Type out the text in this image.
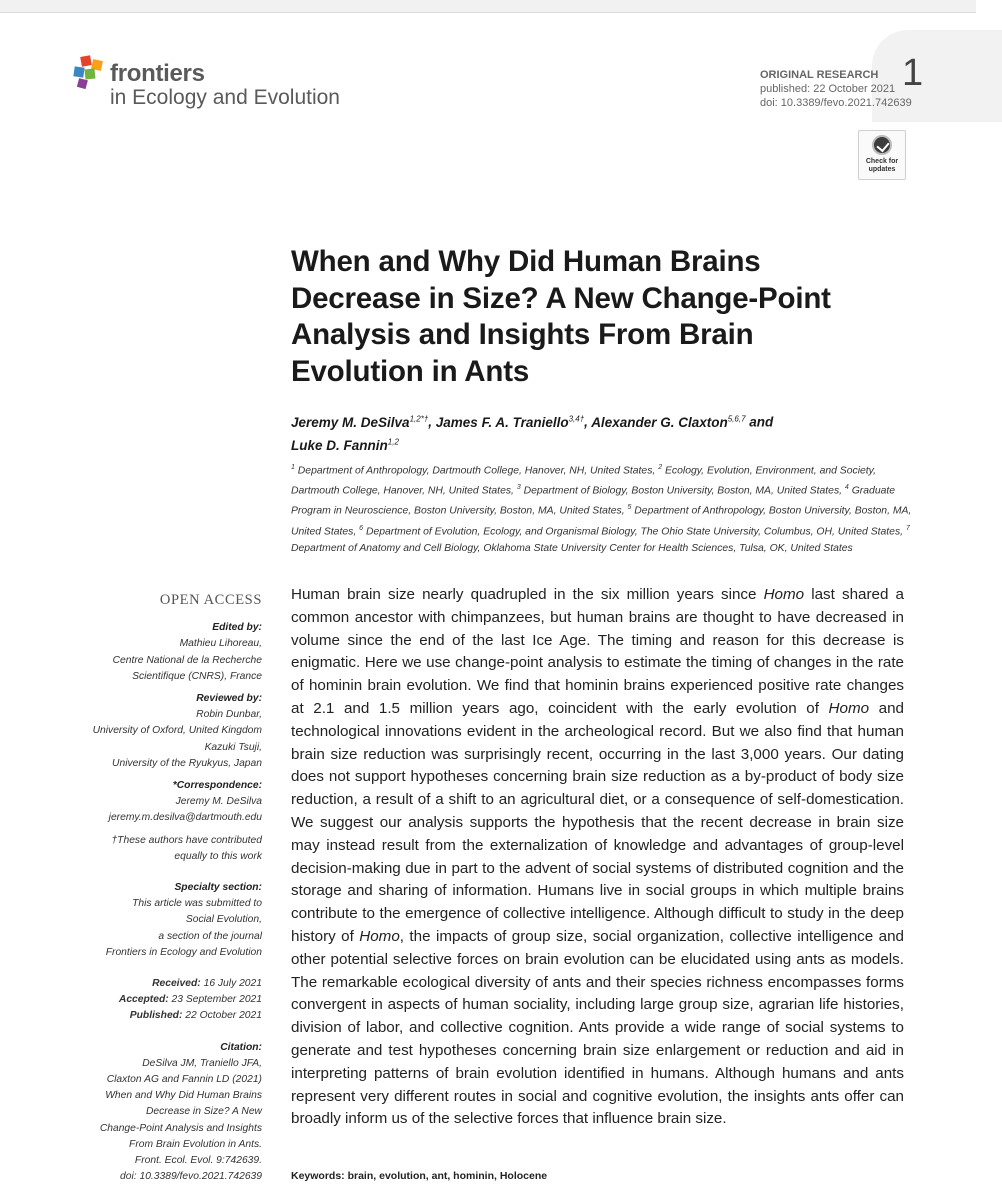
1
frontiers
in Ecology and Evolution
ORIGINAL RESEARCH
published: 22 October 2021
doi: 10.3389/fevo.2021.742639
Check for updates
When and Why Did Human Brains Decrease in Size? A New Change-Point Analysis and Insights From Brain Evolution in Ants
Jeremy M. DeSilva$^{1,2*\dagger}$, James F. A. Traniello$^{3,4\dagger}$, Alexander G. Claxton$^{5,6,7}$ and
Luke D. Fannin$^{1,2}$
$^1$ Department of Anthropology, Dartmouth College, Hanover, NH, United States, $^2$ Ecology, Evolution, Environment, and Society, Dartmouth College, Hanover, NH, United States, $^3$ Department of Biology, Boston University, Boston, MA, United States, $^4$ Graduate Program in Neuroscience, Boston University, Boston, MA, United States, $^5$ Department of Anthropology, Boston University, Boston, MA, United States, $^6$ Department of Evolution, Ecology, and Organismal Biology, The Ohio State University, Columbus, OH, United States, $^7$ Department of Anatomy and Cell Biology, Oklahoma State University Center for Health Sciences, Tulsa, OK, United States
OPEN ACCESS
Edited by:
Mathieu Lihoreau,
Centre National de la Recherche
Scientifique (CNRS), France
Reviewed by:
Robin Dunbar,
University of Oxford, United Kingdom
Kazuki Tsuji,
University of the Ryukyus, Japan
*Correspondence:
Jeremy M. DeSilva
jeremy.m.desilva@dartmouth.edu
†These authors have contributed
equally to this work
Specialty section:
This article was submitted to
Social Evolution,
a section of the journal
Frontiers in Ecology and Evolution
Received: 16 July 2021
Accepted: 23 September 2021
Published: 22 October 2021
Citation:
DeSilva JM, Traniello JFA,
Claxton AG and Fannin LD (2021)
When and Why Did Human Brains
Decrease in Size? A New
Change-Point Analysis and Insights
From Brain Evolution in Ants.
Front. Ecol. Evol. 9:742639.
doi: 10.3389/fevo.2021.742639
Human brain size nearly quadrupled in the six million years since Homo last shared a common ancestor with chimpanzees, but human brains are thought to have decreased in volume since the end of the last Ice Age. The timing and reason for this decrease is enigmatic. Here we use change-point analysis to estimate the timing of changes in the rate of hominin brain evolution. We find that hominin brains experienced positive rate changes at 2.1 and 1.5 million years ago, coincident with the early evolution of Homo and technological innovations evident in the archeological record. But we also find that human brain size reduction was surprisingly recent, occurring in the last 3,000 years. Our dating does not support hypotheses concerning brain size reduction as a by-product of body size reduction, a result of a shift to an agricultural diet, or a consequence of self-domestication. We suggest our analysis supports the hypothesis that the recent decrease in brain size may instead result from the externalization of knowledge and advantages of group-level decision-making due in part to the advent of social systems of distributed cognition and the storage and sharing of information. Humans live in social groups in which multiple brains contribute to the emergence of collective intelligence. Although difficult to study in the deep history of Homo, the impacts of group size, social organization, collective intelligence and other potential selective forces on brain evolution can be elucidated using ants as models. The remarkable ecological diversity of ants and their species richness encompasses forms convergent in aspects of human sociality, including large group size, agrarian life histories, division of labor, and collective cognition. Ants provide a wide range of social systems to generate and test hypotheses concerning brain size enlargement or reduction and aid in interpreting patterns of brain evolution identified in humans. Although humans and ants represent very different routes in social and cognitive evolution, the insights ants offer can broadly inform us of the selective forces that influence brain size.
Keywords: brain, evolution, ant, hominin, Holocene
